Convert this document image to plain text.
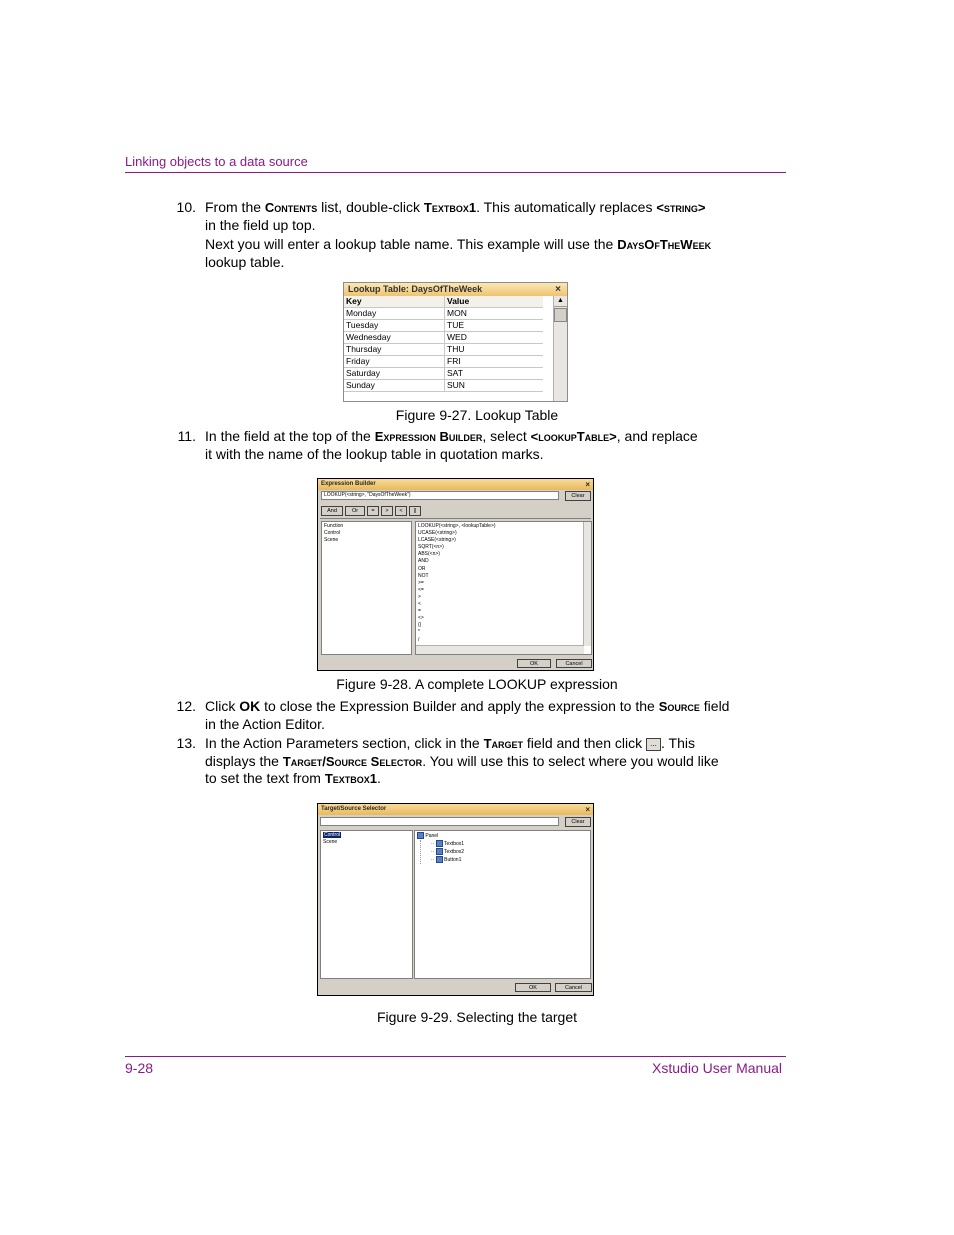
Linking objects to a data source
10. From the Contents list, double-click Textbox1. This automatically replaces <string>
in the field up top.
Next you will enter a lookup table name. This example will use the DaysOfTheWeek
lookup table.
Lookup Table: DaysOfTheWeek	×
Key	Value
Monday	MON
Tuesday	TUE
Wednesday	WED
Thursday	THU
Friday	FRI
Saturday	SAT
Sunday	SUN
▲
Figure 9-27. Lookup Table
11. In the field at the top of the Expression Builder, select <lookupTable>, and replace
it with the name of the lookup table in quotation marks.
Expression Builder	×
LOOKUP(<string>, "DaysOfTheWeek")	Clear
And	Or	=	>	<	||
Function
Control
Scene
LOOKUP(<string>, <lookupTable>)
UCASE(<string>)
LCASE(<string>)
SQRT(<n>)
ABS(<n>)
AND
OR
NOT
>=
<=
>
<
=
<>
()
*
/
OK	Cancel
Figure 9-28. A complete LOOKUP expression
12. Click OK to close the Expression Builder and apply the expression to the Source field
in the Action Editor.
13. In the Action Parameters section, click in the Target field and then click ... . This
displays the Target/Source Selector. You will use this to select where you would like
to set the text from Textbox1.
Target/Source Selector	×
Clear
Control
Scene
Panel
··  Textbox1
··  Textbox2
··  Button1
OK	Cancel
Figure 9-29. Selecting the target
9-28	Xstudio User Manual
